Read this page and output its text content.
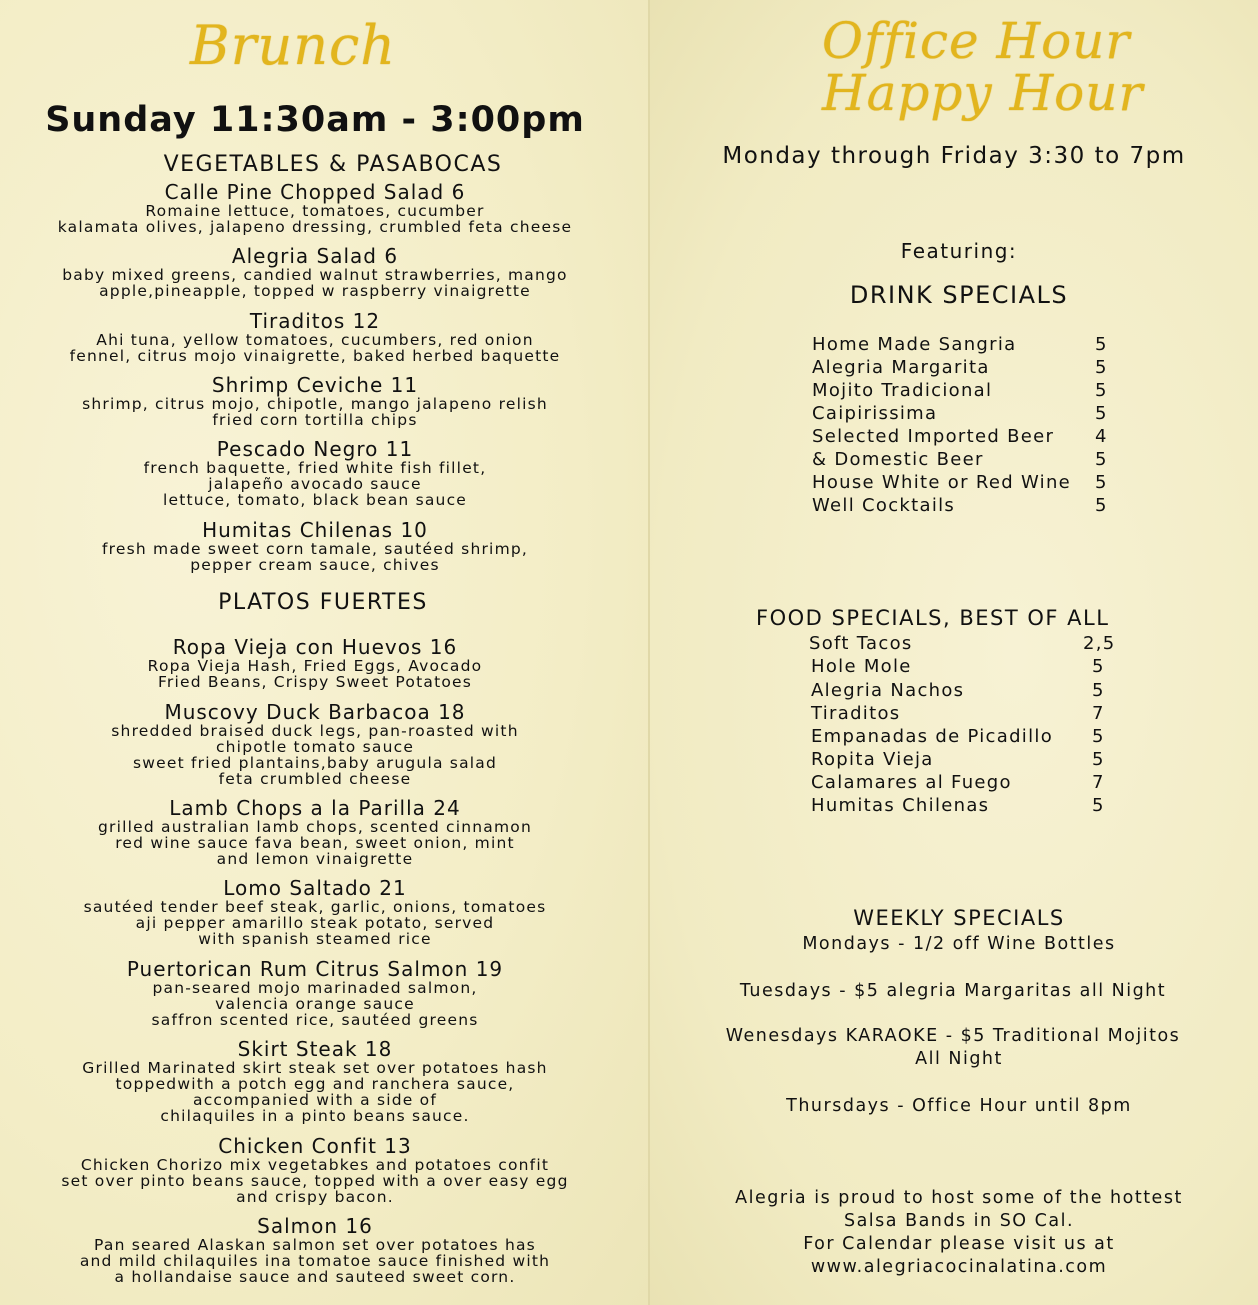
Brunch
Sunday 11:30am - 3:00pm
VEGETABLES & PASABOCAS
Calle Pine Chopped Salad 6
Romaine lettuce, tomatoes, cucumber
kalamata olives, jalapeno dressing, crumbled feta cheese
Alegria Salad 6
baby mixed greens, candied walnut strawberries, mango
apple,pineapple, topped w raspberry vinaigrette
Tiraditos 12
Ahi tuna, yellow tomatoes, cucumbers, red onion
fennel, citrus mojo vinaigrette, baked herbed baquette
Shrimp Ceviche 11
shrimp, citrus mojo, chipotle, mango jalapeno relish
fried corn tortilla chips
Pescado Negro 11
french baquette, fried white fish fillet,
jalapeño avocado sauce
lettuce, tomato, black bean sauce
Humitas Chilenas 10
fresh made sweet corn tamale, sautéed shrimp,
pepper cream sauce, chives
PLATOS FUERTES
Ropa Vieja con Huevos 16
Ropa Vieja Hash, Fried Eggs, Avocado
Fried Beans, Crispy Sweet Potatoes
Muscovy Duck Barbacoa 18
shredded braised duck legs, pan-roasted with
chipotle tomato sauce
sweet fried plantains,baby arugula salad
feta crumbled cheese
Lamb Chops a la Parilla 24
grilled australian lamb chops, scented cinnamon
red wine sauce fava bean, sweet onion, mint
and lemon vinaigrette
Lomo Saltado 21
sautéed tender beef steak, garlic, onions, tomatoes
aji pepper amarillo steak potato, served
with spanish steamed rice
Puertorican Rum Citrus Salmon 19
pan-seared mojo marinaded salmon,
valencia orange sauce
saffron scented rice, sautéed greens
Skirt Steak 18
Grilled Marinated skirt steak set over potatoes hash
toppedwith a potch egg and ranchera sauce,
accompanied with a side of
chilaquiles in a pinto beans sauce.
Chicken Confit 13
Chicken Chorizo mix vegetabkes and potatoes confit
set over pinto beans sauce, topped with a over easy egg
and crispy bacon.
Salmon 16
Pan seared Alaskan salmon set over potatoes has
and mild chilaquiles ina tomatoe sauce finished with
a hollandaise sauce and sauteed sweet corn.
Office Hour
Happy Hour
Monday through Friday 3:30 to 7pm
Featuring:
DRINK SPECIALS
Home Made Sangria	5
Alegria Margarita	5
Mojito Tradicional	5
Caipirissima	5
Selected Imported Beer 4
& Domestic Beer	5
House White or Red Wine 5
Well Cocktails	5
FOOD SPECIALS, BEST OF ALL
Soft Tacos	2,5
Hole Mole	5
Alegria Nachos	5
Tiraditos	7
Empanadas de Picadillo 5
Ropita Vieja	5
Calamares al Fuego	7
Humitas Chilenas	5
WEEKLY SPECIALS
Mondays - 1/2 off Wine Bottles
Tuesdays - $5 alegria Margaritas all Night
Wenesdays KARAOKE - $5 Traditional Mojitos
All Night
Thursdays - Office Hour until 8pm
Alegria is proud to host some of the hottest
Salsa Bands in SO Cal.
For Calendar please visit us at
www.alegriacocinalatina.com
